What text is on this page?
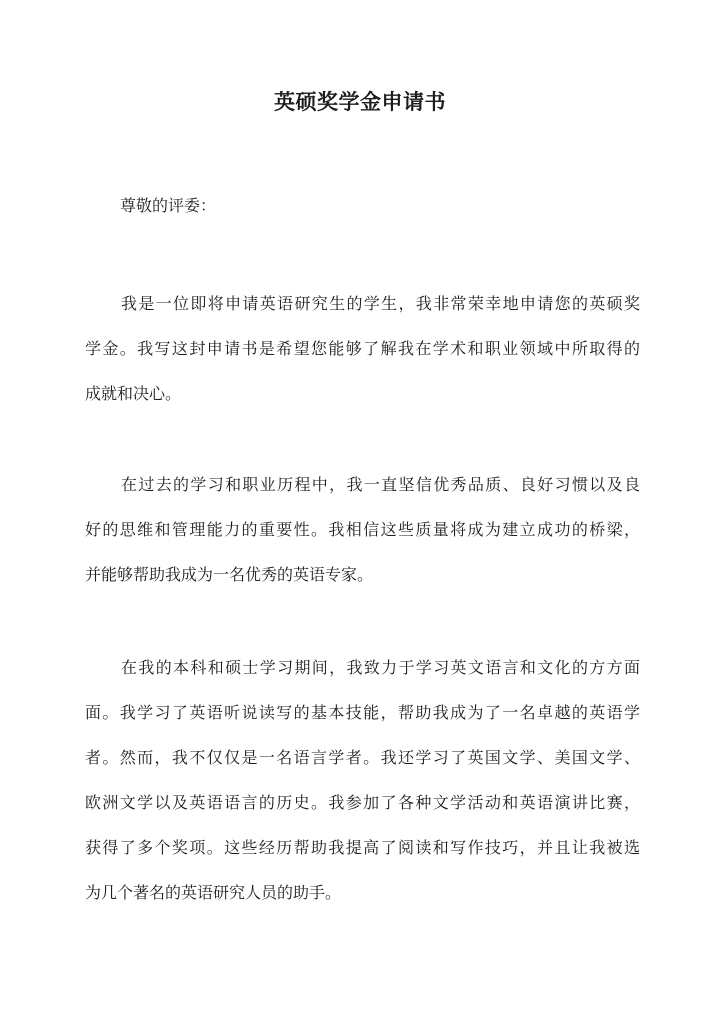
英硕奖学金申请书

尊敬的评委：

我是一位即将申请英语研究生的学生，我非常荣幸地申请您的英硕奖
学金。我写这封申请书是希望您能够了解我在学术和职业领域中所取得的
成就和决心。
在过去的学习和职业历程中，我一直坚信优秀品质、良好习惯以及良
好的思维和管理能力的重要性。我相信这些质量将成为建立成功的桥梁，
并能够帮助我成为一名优秀的英语专家。
在我的本科和硕士学习期间，我致力于学习英文语言和文化的方方面
面。我学习了英语听说读写的基本技能，帮助我成为了一名卓越的英语学
者。然而，我不仅仅是一名语言学者。我还学习了英国文学、美国文学、
欧洲文学以及英语语言的历史。我参加了各种文学活动和英语演讲比赛，
获得了多个奖项。这些经历帮助我提高了阅读和写作技巧，并且让我被选
为几个著名的英语研究人员的助手。
